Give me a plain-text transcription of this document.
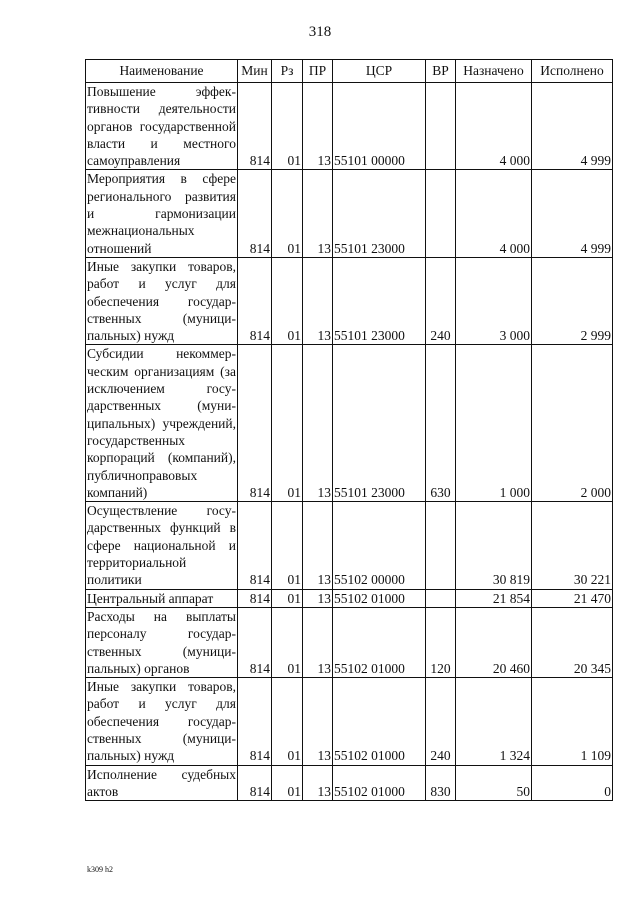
318
Наименование	Мин	Рз	ПР	ЦСР	ВР	Назначено	Исполнено
Повышение эффективности деятельности органов государственной власти и местного самоуправления	814	01	13	55101 00000		4 000	4 999
Мероприятия в сфере регионального развития и гармонизации межнациональных отношений	814	01	13	55101 23000		4 000	4 999
Иные закупки товаров, работ и услуг для обеспечения государственных (муниципальных) нужд	814	01	13	55101 23000	240	3 000	2 999
Субсидии некоммерческим организациям (за исключением государственных (муниципальных) учреждений, государственных корпораций (компаний), публичноправовых компаний)	814	01	13	55101 23000	630	1 000	2 000
Осуществление государственных функций в сфере национальной и территориальной политики	814	01	13	55102 00000		30 819	30 221
Центральный аппарат	814	01	13	55102 01000		21 854	21 470
Расходы на выплаты персоналу государственных (муниципальных) органов	814	01	13	55102 01000	120	20 460	20 345
Иные закупки товаров, работ и услуг для обеспечения государственных (муниципальных) нужд	814	01	13	55102 01000	240	1 324	1 109
Исполнение судебных актов	814	01	13	55102 01000	830	50	0
k309 h2
